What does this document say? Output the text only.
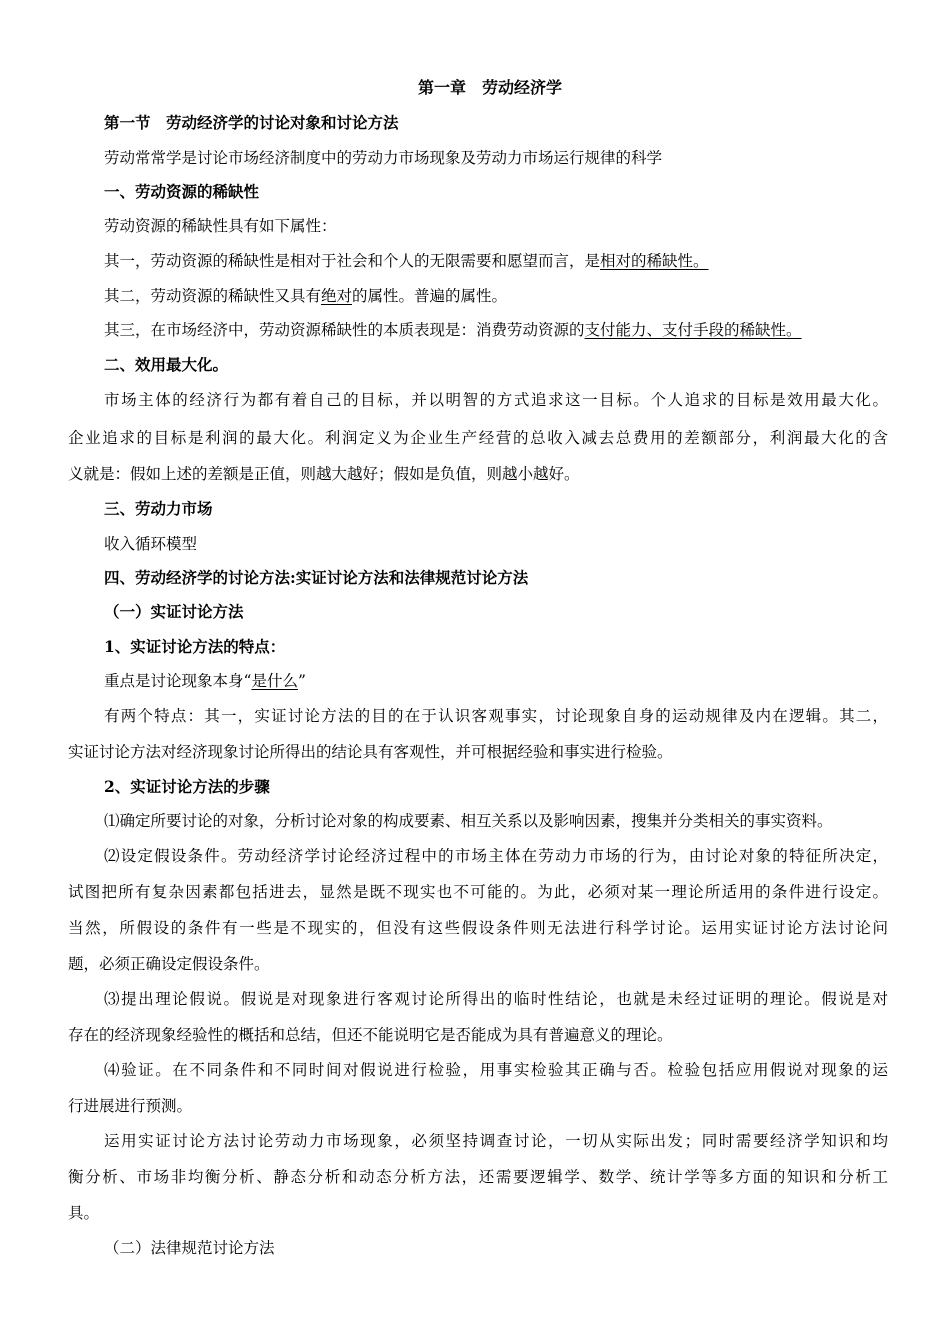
第一章　劳动经济学
第一节　劳动经济学的讨论对象和讨论方法
劳动常常学是讨论市场经济制度中的劳动力市场现象及劳动力市场运行规律的科学
一、劳动资源的稀缺性
劳动资源的稀缺性具有如下属性：
其一，劳动资源的稀缺性是相对于社会和个人的无限需要和愿望而言，是相对的稀缺性。
其二，劳动资源的稀缺性又具有绝对的属性。普遍的属性。
其三，在市场经济中，劳动资源稀缺性的本质表现是：消费劳动资源的支付能力、支付手段的稀缺性。
二、效用最大化。
市场主体的经济行为都有着自己的目标，并以明智的方式追求这一目标。个人追求的目标是效用最大化。
企业追求的目标是利润的最大化。利润定义为企业生产经营的总收入减去总费用的差额部分，利润最大化的含
义就是：假如上述的差额是正值，则越大越好；假如是负值，则越小越好。
三、劳动力市场
收入循环模型
四、劳动经济学的讨论方法:实证讨论方法和法律规范讨论方法
（一）实证讨论方法
1、实证讨论方法的特点：
重点是讨论现象本身“是什么”
有两个特点：其一，实证讨论方法的目的在于认识客观事实，讨论现象自身的运动规律及内在逻辑。其二，
实证讨论方法对经济现象讨论所得出的结论具有客观性，并可根据经验和事实进行检验。
2、实证讨论方法的步骤
⑴确定所要讨论的对象，分析讨论对象的构成要素、相互关系以及影响因素，搜集并分类相关的事实资料。
⑵设定假设条件。劳动经济学讨论经济过程中的市场主体在劳动力市场的行为，由讨论对象的特征所决定，
试图把所有复杂因素都包括进去，显然是既不现实也不可能的。为此，必须对某一理论所适用的条件进行设定。
当然，所假设的条件有一些是不现实的，但没有这些假设条件则无法进行科学讨论。运用实证讨论方法讨论问
题，必须正确设定假设条件。
⑶提出理论假说。假说是对现象进行客观讨论所得出的临时性结论，也就是未经过证明的理论。假说是对
存在的经济现象经验性的概括和总结，但还不能说明它是否能成为具有普遍意义的理论。
⑷验证。在不同条件和不同时间对假说进行检验，用事实检验其正确与否。检验包括应用假说对现象的运
行进展进行预测。
运用实证讨论方法讨论劳动力市场现象，必须坚持调查讨论，一切从实际出发；同时需要经济学知识和均
衡分析、市场非均衡分析、静态分析和动态分析方法，还需要逻辑学、数学、统计学等多方面的知识和分析工
具。
（二）法律规范讨论方法
